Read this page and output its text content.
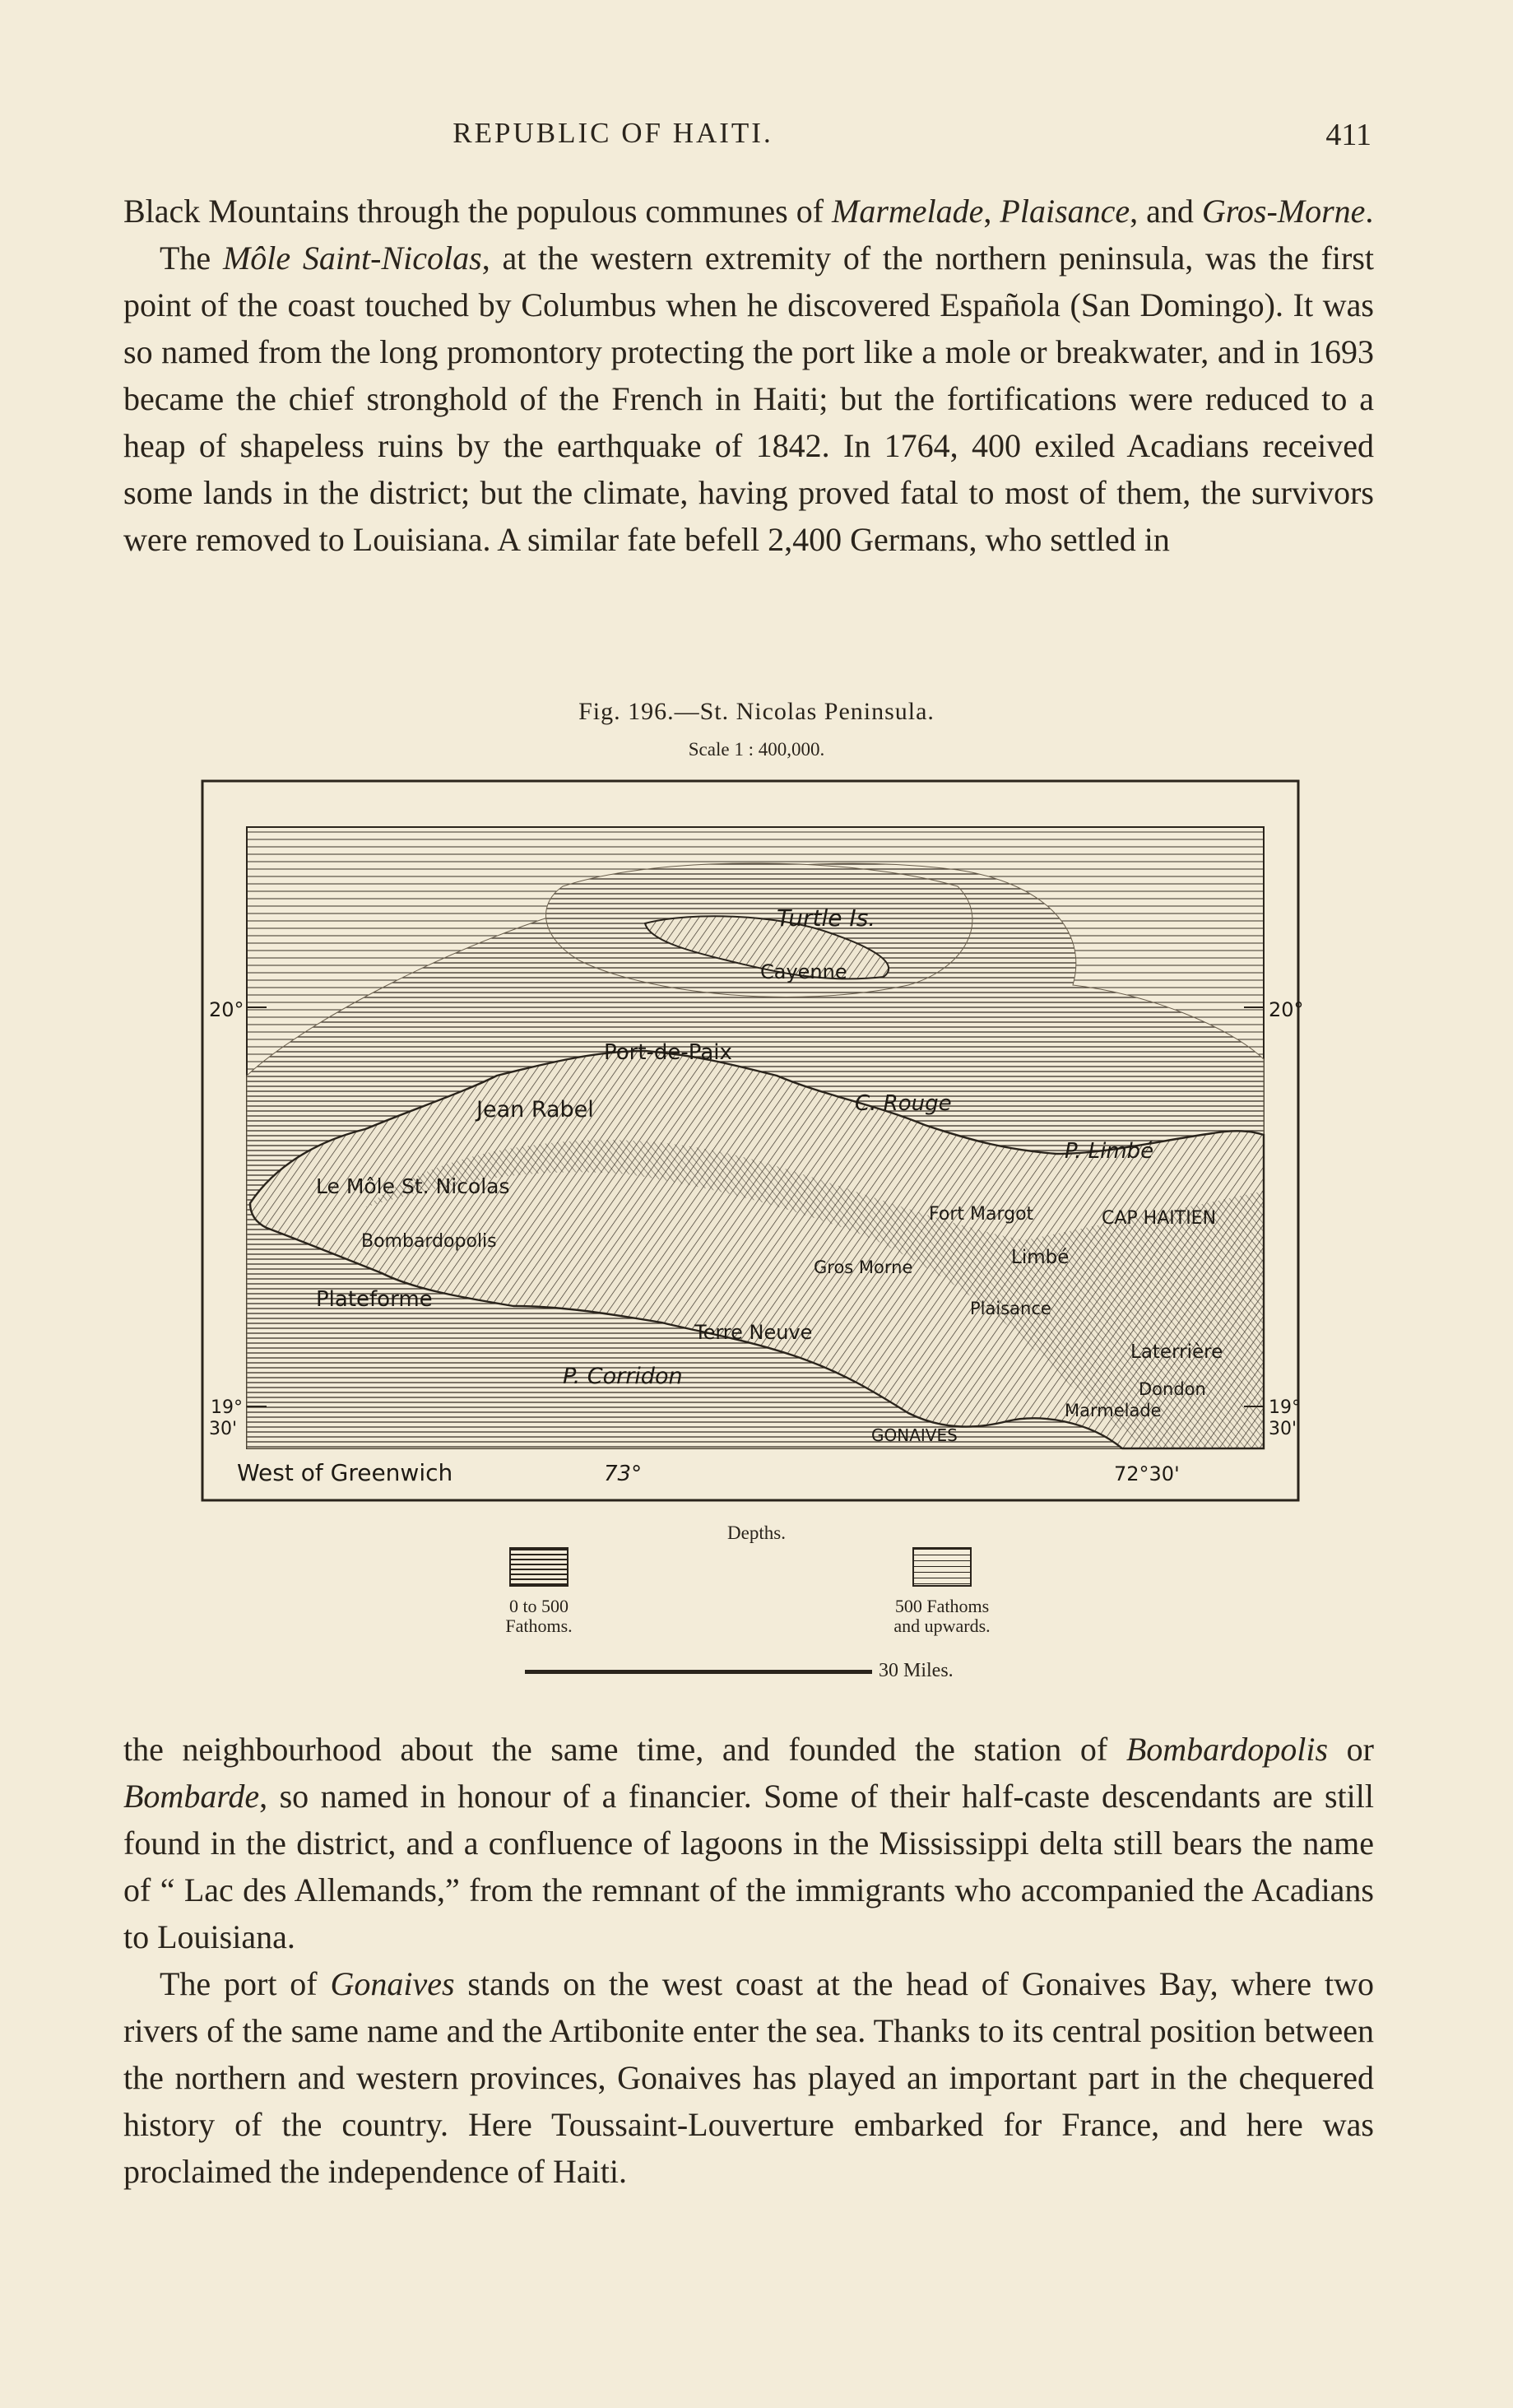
REPUBLIC OF HAITI.	411

Black Mountains through the populous communes of Marmelade, Plaisance, and Gros-Morne.

The Môle Saint-Nicolas, at the western extremity of the northern peninsula, was the first point of the coast touched by Columbus when he discovered Española (San Domingo). It was so named from the long promontory protecting the port like a mole or breakwater, and in 1693 became the chief stronghold of the French in Haiti; but the fortifications were reduced to a heap of shapeless ruins by the earthquake of 1842. In 1764, 400 exiled Acadians received some lands in the district; but the climate, having proved fatal to most of them, the survivors were removed to Louisiana. A similar fate befell 2,400 Germans, who settled in

Fig. 196.—St. Nicolas Peninsula.
Scale 1 : 400,000.
Turtle Is.
Cayenne
Port-de-Paix
Jean Rabel	C. Rouge
P. Limbé
Le Môle St. Nicolas
Fort Margot	CAP HAITIEN
Limbé
Bombardopolis
Gros Morne
Plaisance
Plateforme
Terre Neuve
Laterrière
P. Corridon	Dondon
Marmelade
GONAIVES
20°	20°
19°
30'
19°
30'
West of Greenwich	73°	72°30'
Depths.
0 to 500
Fathoms.
500 Fathoms
and upwards.
30 Miles.

the neighbourhood about the same time, and founded the station of Bombardopolis or Bombarde, so named in honour of a financier. Some of their half-caste descendants are still found in the district, and a confluence of lagoons in the Mississippi delta still bears the name of “ Lac des Allemands,” from the remnant of the immigrants who accompanied the Acadians to Louisiana.

The port of Gonaives stands on the west coast at the head of Gonaives Bay, where two rivers of the same name and the Artibonite enter the sea. Thanks to its central position between the northern and western provinces, Gonaives has played an important part in the chequered history of the country. Here Toussaint-Louverture embarked for France, and here was proclaimed the independence of Haiti.
